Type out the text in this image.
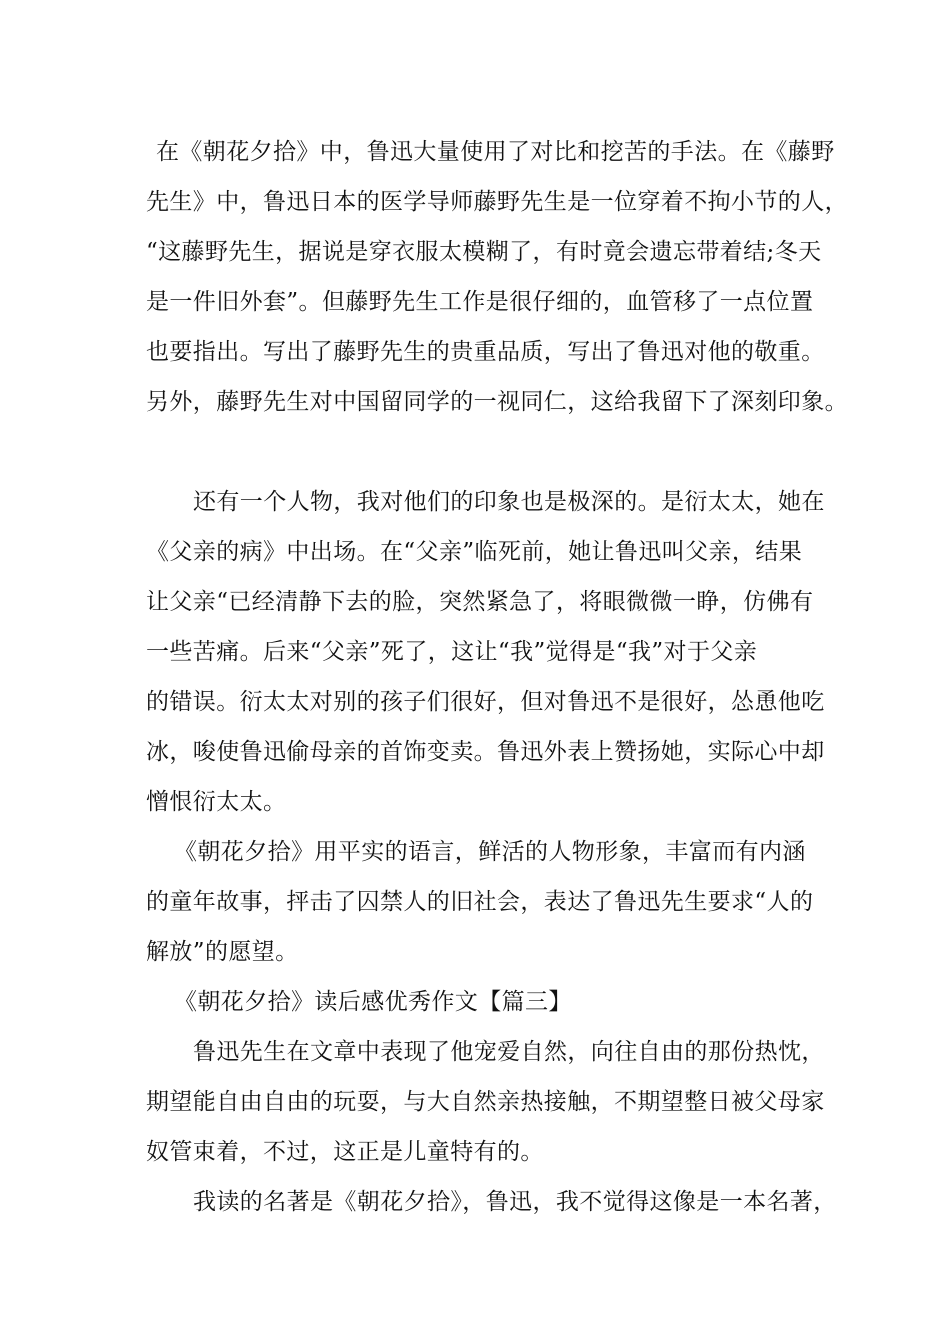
在《朝花夕拾》中，鲁迅大量使用了对比和挖苦的手法。在《藤野
先生》中，鲁迅日本的医学导师藤野先生是一位穿着不拘小节的人，
“这藤野先生，据说是穿衣服太模糊了，有时竟会遗忘带着结;冬天
是一件旧外套”。但藤野先生工作是很仔细的，血管移了一点位置
也要指出。写出了藤野先生的贵重品质，写出了鲁迅对他的敬重。
另外，藤野先生对中国留同学的一视同仁，这给我留下了深刻印象。
还有一个人物，我对他们的印象也是极深的。是衍太太，她在
《父亲的病》中出场。在“父亲”临死前，她让鲁迅叫父亲，结果
让父亲“已经清静下去的脸，突然紧急了，将眼微微一睁，仿佛有
一些苦痛。后来“父亲”死了，这让“我”觉得是“我”对于父亲
的错误。衍太太对别的孩子们很好，但对鲁迅不是很好，怂恿他吃
冰，唆使鲁迅偷母亲的首饰变卖。鲁迅外表上赞扬她，实际心中却
憎恨衍太太。
《朝花夕拾》用平实的语言，鲜活的人物形象，丰富而有内涵
的童年故事，抨击了囚禁人的旧社会，表达了鲁迅先生要求“人的
解放”的愿望。
《朝花夕拾》读后感优秀作文【篇三】
鲁迅先生在文章中表现了他宠爱自然，向往自由的那份热忱，
期望能自由自由的玩耍，与大自然亲热接触，不期望整日被父母家
奴管束着，不过，这正是儿童特有的。
我读的名著是《朝花夕拾》，鲁迅，我不觉得这像是一本名著，
